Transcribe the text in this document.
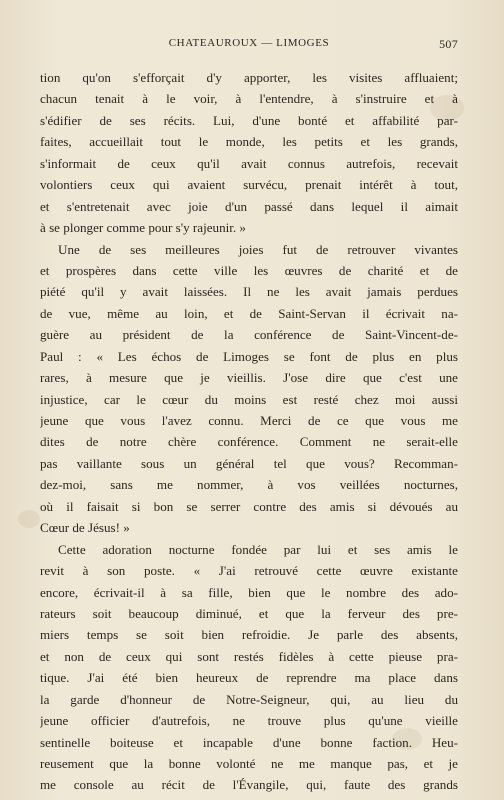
CHATEAUROUX — LIMOGES	507
tion qu'on s'efforçait d'y apporter, les visites affluaient;
chacun tenait à le voir, à l'entendre, à s'instruire et à
s'édifier de ses récits. Lui, d'une bonté et affabilité par-
faites, accueillait tout le monde, les petits et les grands,
s'informait de ceux qu'il avait connus autrefois, recevait
volontiers ceux qui avaient survécu, prenait intérêt à tout,
et s'entretenait avec joie d'un passé dans lequel il aimait
à se plonger comme pour s'y rajeunir. »
Une de ses meilleures joies fut de retrouver vivantes
et prospères dans cette ville les œuvres de charité et de
piété qu'il y avait laissées. Il ne les avait jamais perdues
de vue, même au loin, et de Saint-Servan il écrivait na-
guère au président de la conférence de Saint-Vincent-de-
Paul : « Les échos de Limoges se font de plus en plus
rares, à mesure que je vieillis. J'ose dire que c'est une
injustice, car le cœur du moins est resté chez moi aussi
jeune que vous l'avez connu. Merci de ce que vous me
dites de notre chère conférence. Comment ne serait-elle
pas vaillante sous un général tel que vous? Recomman-
dez-moi, sans me nommer, à vos veillées nocturnes,
où il faisait si bon se serrer contre des amis si dévoués au
Cœur de Jésus! »
Cette adoration nocturne fondée par lui et ses amis le
revit à son poste. « J'ai retrouvé cette œuvre existante
encore, écrivait-il à sa fille, bien que le nombre des ado-
rateurs soit beaucoup diminué, et que la ferveur des pre-
miers temps se soit bien refroidie. Je parle des absents,
et non de ceux qui sont restés fidèles à cette pieuse pra-
tique. J'ai été bien heureux de reprendre ma place dans
la garde d'honneur de Notre-Seigneur, qui, au lieu du
jeune officier d'autrefois, ne trouve plus qu'une vieille
sentinelle boiteuse et incapable d'une bonne faction. Heu-
reusement que la bonne volonté ne me manque pas, et je
me console au récit de l'Évangile, qui, faute des grands
